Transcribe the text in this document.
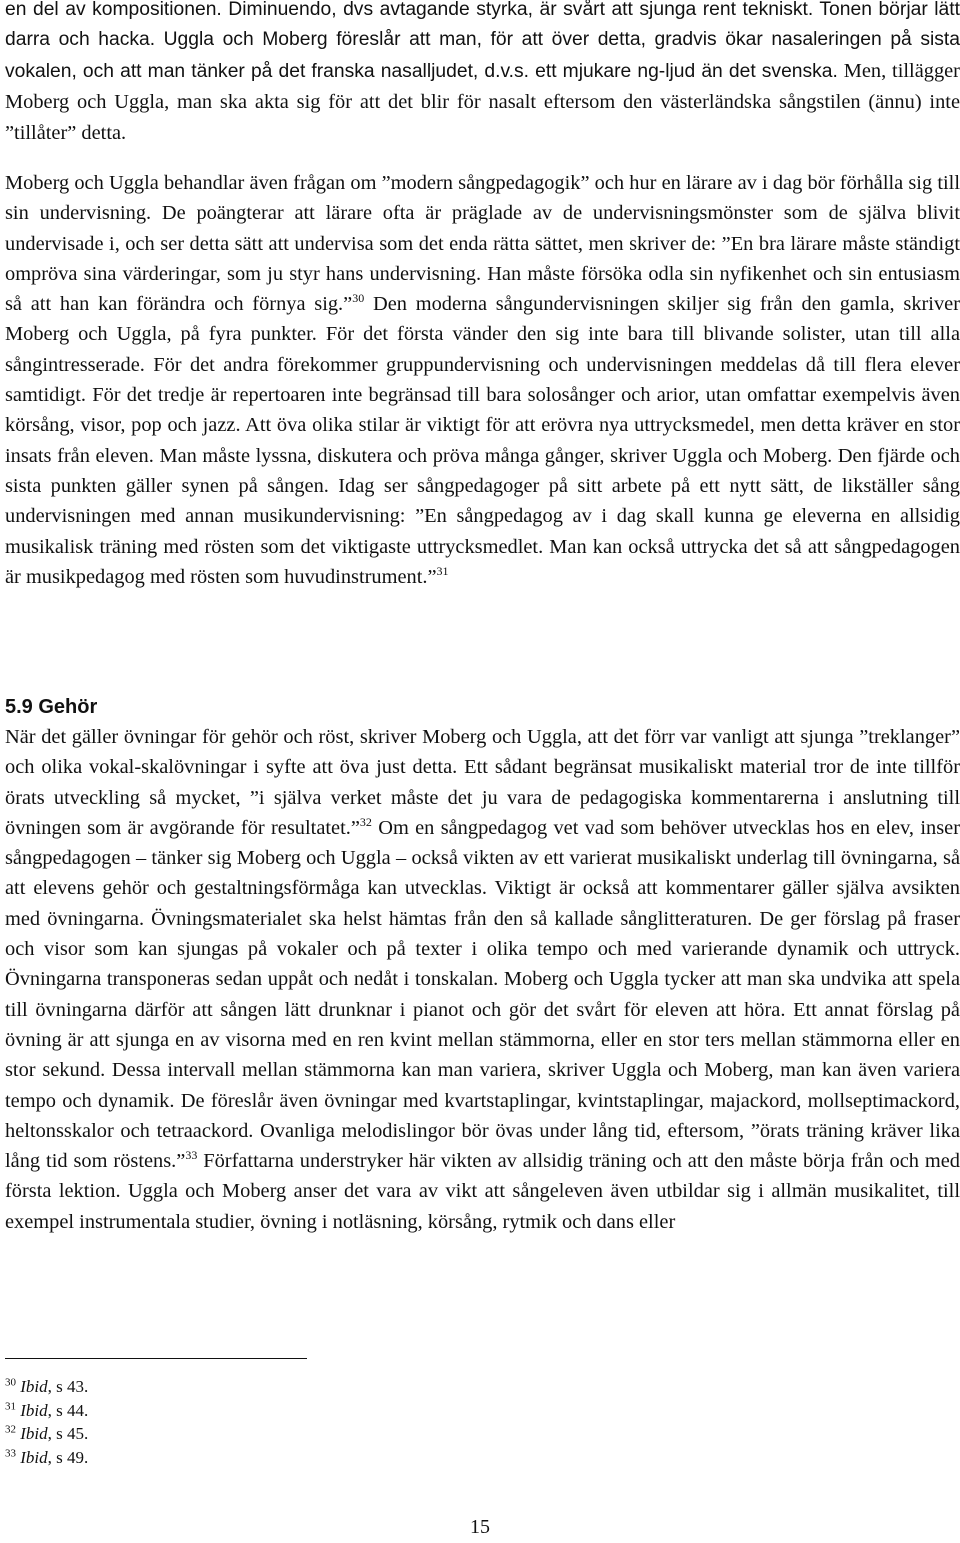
en del av kompositionen. Diminuendo, dvs avtagande styrka, är svårt att sjunga rent tekniskt. Tonen börjar lätt darra och hacka. Uggla och Moberg föreslår att man, för att över detta, gradvis ökar nasaleringen på sista vokalen, och att man tänker på det franska nasalljudet, d.v.s. ett mjukare ng-ljud än det svenska. Men, tillägger Moberg och Uggla, man ska akta sig för att det blir för nasalt eftersom den västerländska sångstilen (ännu) inte ”tillåter” detta.

Moberg och Uggla behandlar även frågan om ”modern sångpedagogik” och hur en lärare av i dag bör förhålla sig till sin undervisning. De poängterar att lärare ofta är präglade av de undervisningsmönster som de själva blivit undervisade i, och ser detta sätt att undervisa som det enda rätta sättet, men skriver de: ”En bra lärare måste ständigt ompröva sina värderingar, som ju styr hans undervisning. Han måste försöka odla sin nyfikenhet och sin entusiasm så att han kan förändra och förnya sig.”$^{30}$ Den moderna sångundervisningen skiljer sig från den gamla, skriver Moberg och Uggla, på fyra punkter. För det första vänder den sig inte bara till blivande solister, utan till alla sångintresserade. För det andra förekommer gruppundervisning och undervisningen meddelas då till flera elever samtidigt. För det tredje är repertoaren inte begränsad till bara solosånger och arior, utan omfattar exempelvis även körsång, visor, pop och jazz. Att öva olika stilar är viktigt för att erövra nya uttrycksmedel, men detta kräver en stor insats från eleven. Man måste lyssna, diskutera och pröva många gånger, skriver Uggla och Moberg. Den fjärde och sista punkten gäller synen på sången. Idag ser sångpedagoger på sitt arbete på ett nytt sätt, de likställer sång undervisningen med annan musikundervisning: ”En sångpedagog av i dag skall kunna ge eleverna en allsidig musikalisk träning med rösten som det viktigaste uttrycksmedlet. Man kan också uttrycka det så att sångpedagogen är musikpedagog med rösten som huvudinstrument.”$^{31}$

5.9 Gehör

När det gäller övningar för gehör och röst, skriver Moberg och Uggla, att det förr var vanligt att sjunga ”treklanger” och olika vokal-skalövningar i syfte att öva just detta. Ett sådant begränsat musikaliskt material tror de inte tillför örats utveckling så mycket, ”i själva verket måste det ju vara de pedagogiska kommentarerna i anslutning till övningen som är avgörande för resultatet.”$^{32}$ Om en sångpedagog vet vad som behöver utvecklas hos en elev, inser sångpedagogen – tänker sig Moberg och Uggla – också vikten av ett varierat musikaliskt underlag till övningarna, så att elevens gehör och gestaltningsförmåga kan utvecklas. Viktigt är också att kommentarer gäller själva avsikten med övningarna. Övningsmaterialet ska helst hämtas från den så kallade sånglitteraturen. De ger förslag på fraser och visor som kan sjungas på vokaler och på texter i olika tempo och med varierande dynamik och uttryck. Övningarna transponeras sedan uppåt och nedåt i tonskalan. Moberg och Uggla tycker att man ska undvika att spela till övningarna därför att sången lätt drunknar i pianot och gör det svårt för eleven att höra. Ett annat förslag på övning är att sjunga en av visorna med en ren kvint mellan stämmorna, eller en stor ters mellan stämmorna eller en stor sekund. Dessa intervall mellan stämmorna kan man variera, skriver Uggla och Moberg, man kan även variera tempo och dynamik. De föreslår även övningar med kvartstaplingar, kvintstaplingar, majackord, mollseptimackord, heltonsskalor och tetraackord. Ovanliga melodislingor bör övas under lång tid, eftersom, ”örats träning kräver lika lång tid som röstens.”$^{33}$ Författarna understryker här vikten av allsidig träning och att den måste börja från och med första lektion. Uggla och Moberg anser det vara av vikt att sångeleven även utbildar sig i allmän musikalitet, till exempel instrumentala studier, övning i notläsning, körsång, rytmik och dans eller

$^{30}$ Ibid, s 43.
$^{31}$ Ibid, s 44.
$^{32}$ Ibid, s 45.
$^{33}$ Ibid, s 49.
15
